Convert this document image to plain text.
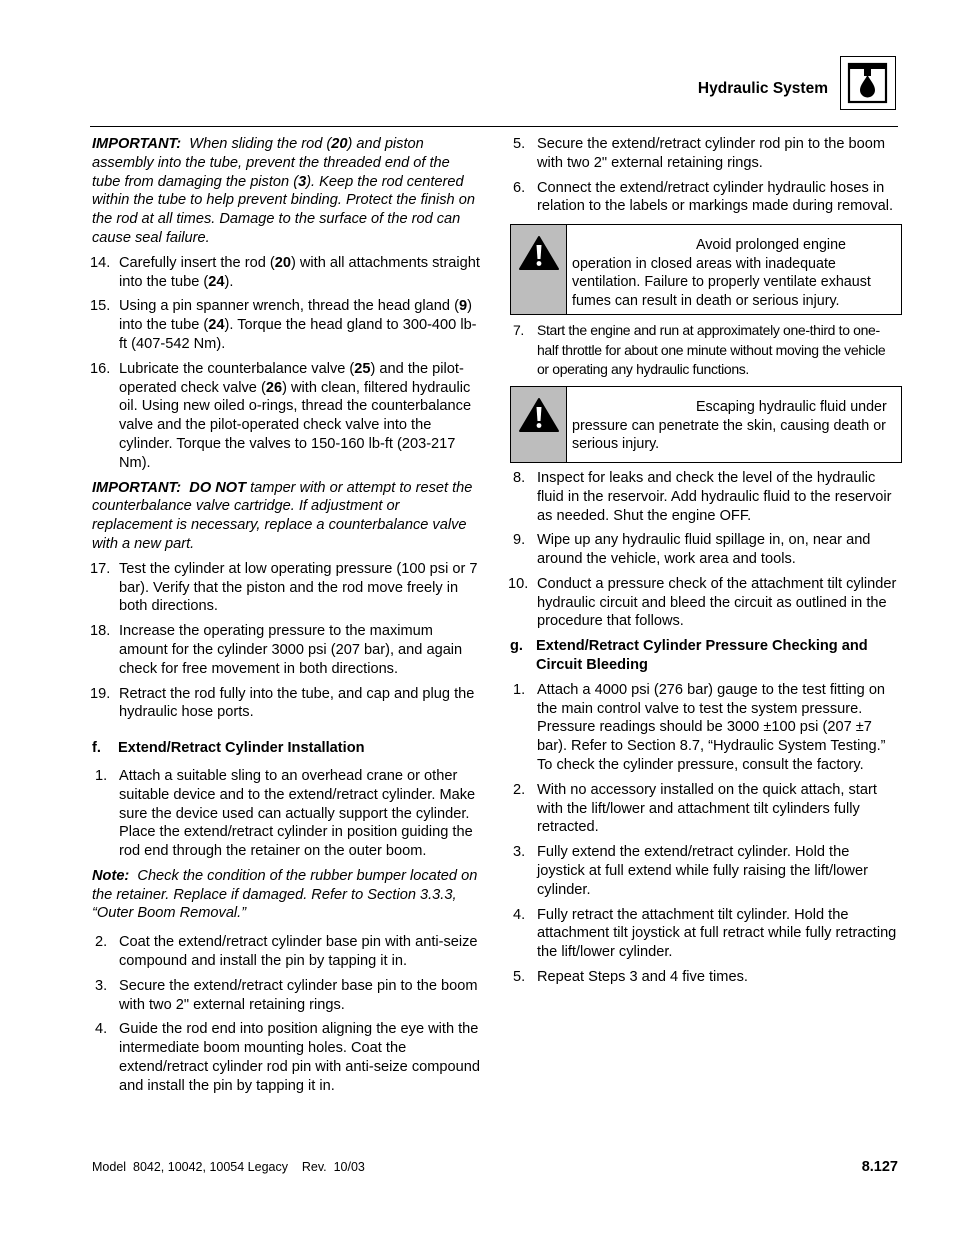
Hydraulic System

IMPORTANT: When sliding the rod (20) and piston assembly into the tube, prevent the threaded end of the tube from damaging the piston (3). Keep the rod centered within the tube to help prevent binding. Protect the finish on the rod at all times. Damage to the surface of the rod can cause seal failure.

14. Carefully insert the rod (20) with all attachments straight into the tube (24).
15. Using a pin spanner wrench, thread the head gland (9) into the tube (24). Torque the head gland to 300-400 lb-ft (407-542 Nm).
16. Lubricate the counterbalance valve (25) and the pilot-operated check valve (26) with clean, filtered hydraulic oil. Using new oiled o-rings, thread the counterbalance valve and the pilot-operated check valve into the cylinder. Torque the valves to 150-160 lb-ft (203-217 Nm).

IMPORTANT: DO NOT tamper with or attempt to reset the counterbalance valve cartridge. If adjustment or replacement is necessary, replace a counterbalance valve with a new part.

17. Test the cylinder at low operating pressure (100 psi or 7 bar). Verify that the piston and the rod move freely in both directions.
18. Increase the operating pressure to the maximum amount for the cylinder 3000 psi (207 bar), and again check for free movement in both directions.
19. Retract the rod fully into the tube, and cap and plug the hydraulic hose ports.
f. Extend/Retract Cylinder Installation
1. Attach a suitable sling to an overhead crane or other suitable device and to the extend/retract cylinder. Make sure the device used can actually support the cylinder. Place the extend/retract cylinder in position guiding the rod end through the retainer on the outer boom.

Note: Check the condition of the rubber bumper located on the retainer. Replace if damaged. Refer to Section 3.3.3, “Outer Boom Removal.”

2. Coat the extend/retract cylinder base pin with anti-seize compound and install the pin by tapping it in.
3. Secure the extend/retract cylinder base pin to the boom with two 2" external retaining rings.
4. Guide the rod end into position aligning the eye with the intermediate boom mounting holes. Coat the extend/retract cylinder rod pin with anti-seize compound and install the pin by tapping it in.
5. Secure the extend/retract cylinder rod pin to the boom with two 2" external retaining rings.
6. Connect the extend/retract cylinder hydraulic hoses in relation to the labels or markings made during removal.
Avoid prolonged engine operation in closed areas with inadequate ventilation. Failure to properly ventilate exhaust fumes can result in death or serious injury.
7. Start the engine and run at approximately one-third to one-half throttle for about one minute without moving the vehicle or operating any hydraulic functions.
Escaping hydraulic fluid under pressure can penetrate the skin, causing death or serious injury.
8. Inspect for leaks and check the level of the hydraulic fluid in the reservoir. Add hydraulic fluid to the reservoir as needed. Shut the engine OFF.
9. Wipe up any hydraulic fluid spillage in, on, near and around the vehicle, work area and tools.
10. Conduct a pressure check of the attachment tilt cylinder hydraulic circuit and bleed the circuit as outlined in the procedure that follows.
g. Extend/Retract Cylinder Pressure Checking and Circuit Bleeding
1. Attach a 4000 psi (276 bar) gauge to the test fitting on the main control valve to test the system pressure. Pressure readings should be 3000 ±100 psi (207 ±7 bar). Refer to Section 8.7, “Hydraulic System Testing.” To check the cylinder pressure, consult the factory.
2. With no accessory installed on the quick attach, start with the lift/lower and attachment tilt cylinders fully retracted.
3. Fully extend the extend/retract cylinder. Hold the joystick at full extend while fully raising the lift/lower cylinder.
4. Fully retract the attachment tilt cylinder. Hold the attachment tilt joystick at full retract while fully retracting the lift/lower cylinder.
5. Repeat Steps 3 and 4 five times.
Model  8042, 10042, 10054 Legacy    Rev.  10/03	8.127
